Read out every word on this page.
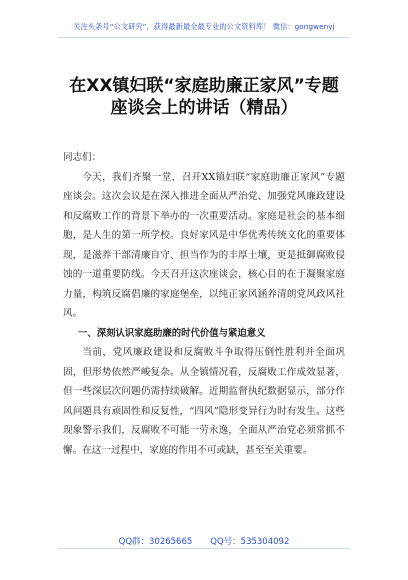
关注头条号“公文研究”，获得最新最全最专业的公文资料库！ 微信：gongwenyj
在XX镇妇联“家庭助廉正家风”专题
座谈会上的讲话（精品）

同志们：

今天，我们齐聚一堂，召开XX镇妇联“家庭助廉正家风”专题座谈会。这次会议是在深入推进全面从严治党、加强党风廉政建设和反腐败工作的背景下举办的一次重要活动。家庭是社会的基本细胞，是人生的第一所学校。良好家风是中华优秀传统文化的重要体现，是滋养干部清廉自守、担当作为的丰厚土壤，更是抵御腐败侵蚀的一道重要防线。今天召开这次座谈会，核心目的在于凝聚家庭力量，构筑反腐倡廉的家庭堡垒，以纯正家风涵养清朗党风政风社风。

一、深刻认识家庭助廉的时代价值与紧迫意义

当前，党风廉政建设和反腐败斗争取得压倒性胜利并全面巩固，但形势依然严峻复杂。从全镇情况看，反腐败工作成效显著，但一些深层次问题仍需持续破解。近期监督执纪数据显示，部分作风问题具有顽固性和反复性，“四风”隐形变异行为时有发生。这些现象警示我们，反腐败不可能一劳永逸，全面从严治党必须常抓不懈。在这一过程中，家庭的作用不可或缺，甚至至关重要。

QQ群：30265665 QQ号：535304092
